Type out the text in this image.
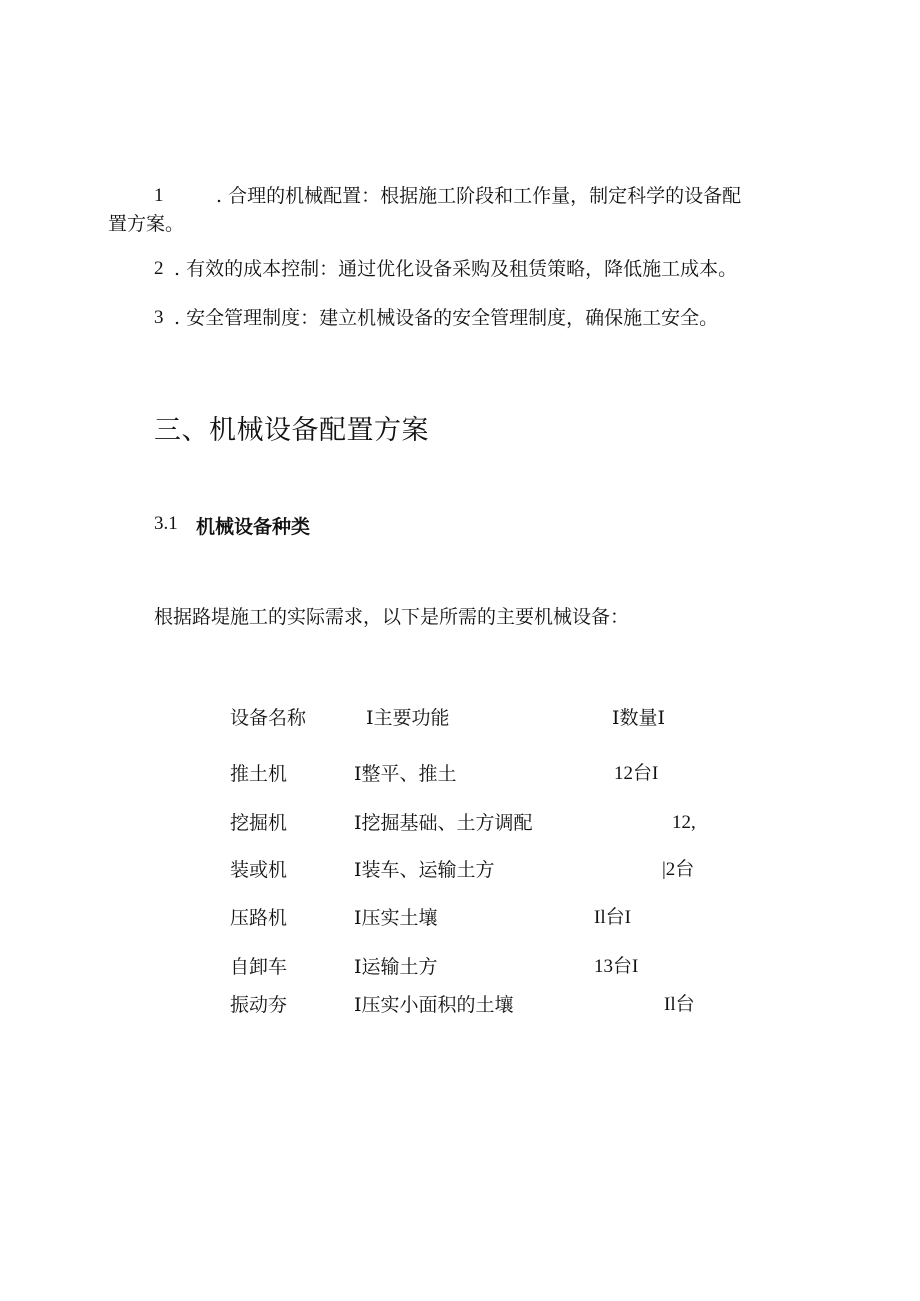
1	. 合理的机械配置：根据施工阶段和工作量，制定科学的设备配
置方案。
2 . 有效的成本控制：通过优化设备采购及租赁策略，降低施工成本。
3 . 安全管理制度：建立机械设备的安全管理制度，确保施工安全。
三、机械设备配置方案
3.1 机械设备种类
根据路堤施工的实际需求，以下是所需的主要机械设备：
设备名称	I主要功能	I数量I
推土机	I整平、推土	12台I
挖掘机	I挖掘基础、土方调配	12,
装或机	I装车、运输土方	|2台
压路机	I压实土壤	Il台I
自卸车	I运输土方	13台I
振动夯	I压实小面积的土壤	Il台
